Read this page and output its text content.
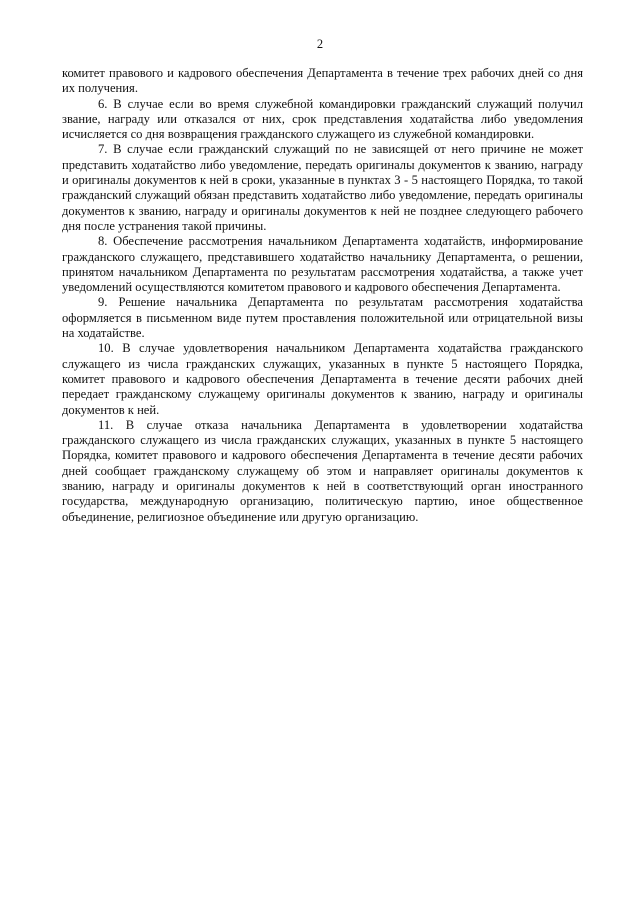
2

комитет правового и кадрового обеспечения Департамента в течение трех рабочих дней со дня их получения.

6. В случае если во время служебной командировки гражданский служащий получил звание, награду или отказался от них, срок представления ходатайства либо уведомления исчисляется со дня возвращения гражданского служащего из служебной командировки.

7. В случае если гражданский служащий по не зависящей от него причине не может представить ходатайство либо уведомление, передать оригиналы документов к званию, награду и оригиналы документов к ней в сроки, указанные в пунктах 3 - 5 настоящего Порядка, то такой гражданский служащий обязан представить ходатайство либо уведомление, передать оригиналы документов к званию, награду и оригиналы документов к ней не позднее следующего рабочего дня после устранения такой причины.

8. Обеспечение рассмотрения начальником Департамента ходатайств, информирование гражданского служащего, представившего ходатайство начальнику Департамента, о решении, принятом начальником Департамента по результатам рассмотрения ходатайства, а также учет уведомлений осуществляются комитетом правового и кадрового обеспечения Департамента.

9. Решение начальника Департамента по результатам рассмотрения ходатайства оформляется в письменном виде путем проставления положительной или отрицательной визы на ходатайстве.

10. В случае удовлетворения начальником Департамента ходатайства гражданского служащего из числа гражданских служащих, указанных в пункте 5 настоящего Порядка, комитет правового и кадрового обеспечения Департамента в течение десяти рабочих дней передает гражданскому служащему оригиналы документов к званию, награду и оригиналы документов к ней.

11. В случае отказа начальника Департамента в удовлетворении ходатайства гражданского служащего из числа гражданских служащих, указанных в пункте 5 настоящего Порядка, комитет правового и кадрового обеспечения Департамента в течение десяти рабочих дней сообщает гражданскому служащему об этом и направляет оригиналы документов к званию, награду и оригиналы документов к ней в соответствующий орган иностранного государства, международную организацию, политическую партию, иное общественное объединение, религиозное объединение или другую организацию.
